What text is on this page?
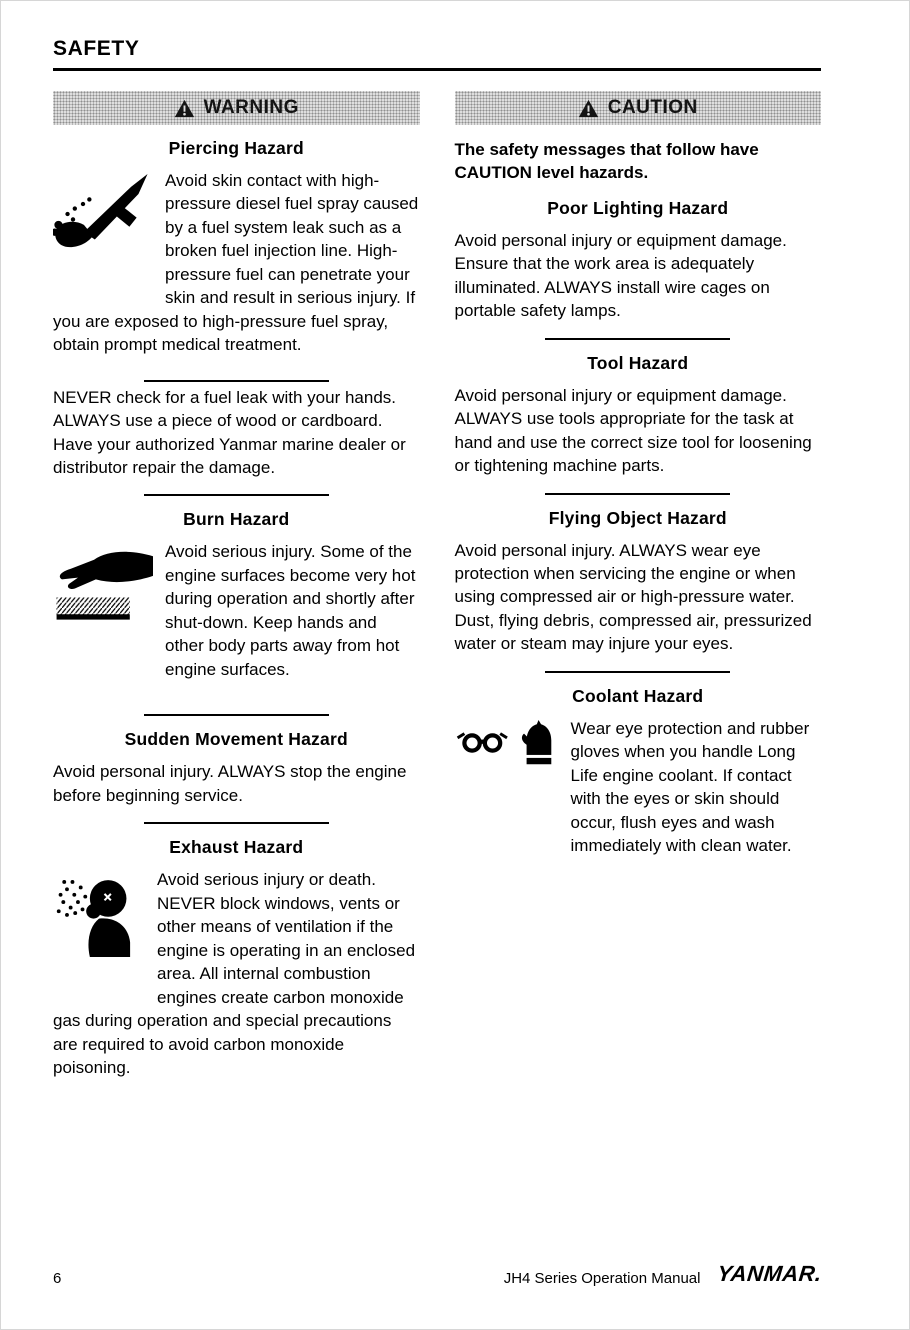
SAFETY
WARNING
Piercing Hazard

Avoid skin contact with high-pressure diesel fuel spray caused by a fuel system leak such as a broken fuel injection line. High-pressure fuel can penetrate your skin and result in serious injury. If you are exposed to high-pressure fuel spray, obtain prompt medical treatment.

NEVER check for a fuel leak with your hands. ALWAYS use a piece of wood or cardboard. Have your authorized Yanmar marine dealer or distributor repair the damage.

Burn Hazard

Avoid serious injury. Some of the engine surfaces become very hot during operation and shortly after shut-down. Keep hands and other body parts away from hot engine surfaces.

Sudden Movement Hazard

Avoid personal injury. ALWAYS stop the engine before beginning service.

Exhaust Hazard

Avoid serious injury or death. NEVER block windows, vents or other means of ventilation if the engine is operating in an enclosed area. All internal combustion engines create carbon monoxide gas during operation and special precautions are required to avoid carbon monoxide poisoning.

CAUTION

The safety messages that follow have CAUTION level hazards.

Poor Lighting Hazard

Avoid personal injury or equipment damage. Ensure that the work area is adequately illuminated. ALWAYS install wire cages on portable safety lamps.

Tool Hazard

Avoid personal injury or equipment damage. ALWAYS use tools appropriate for the task at hand and use the correct size tool for loosening or tightening machine parts.

Flying Object Hazard

Avoid personal injury. ALWAYS wear eye protection when servicing the engine or when using compressed air or high-pressure water. Dust, flying debris, compressed air, pressurized water or steam may injure your eyes.

Coolant Hazard

Wear eye protection and rubber gloves when you handle Long Life engine coolant. If contact with the eyes or skin should occur, flush eyes and wash immediately with clean water.

6	JH4 Series Operation Manual YANMAR.
